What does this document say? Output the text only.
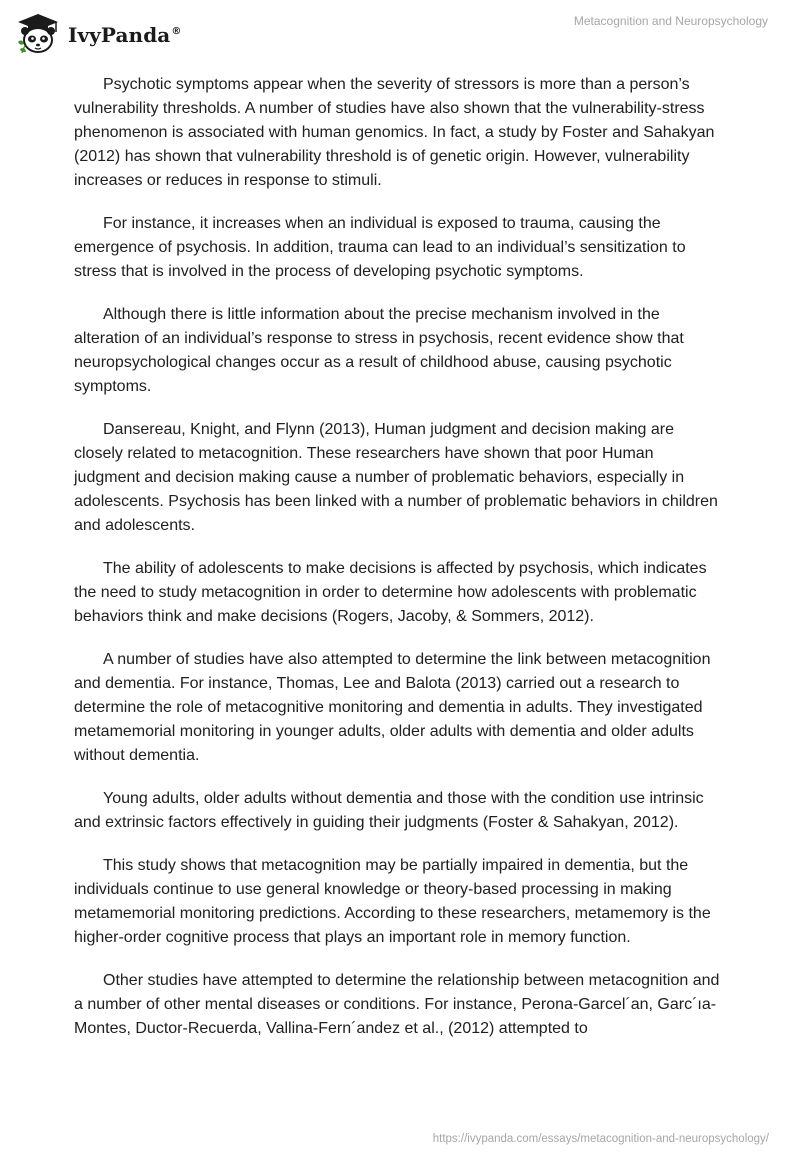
IvyPanda®
Metacognition and Neuropsychology

Psychotic symptoms appear when the severity of stressors is more than a person’s vulnerability thresholds. A number of studies have also shown that the vulnerability-stress phenomenon is associated with human genomics. In fact, a study by Foster and Sahakyan (2012) has shown that vulnerability threshold is of genetic origin. However, vulnerability increases or reduces in response to stimuli.

For instance, it increases when an individual is exposed to trauma, causing the emergence of psychosis. In addition, trauma can lead to an individual’s sensitization to stress that is involved in the process of developing psychotic symptoms.

Although there is little information about the precise mechanism involved in the alteration of an individual’s response to stress in psychosis, recent evidence show that neuropsychological changes occur as a result of childhood abuse, causing psychotic symptoms.

Dansereau, Knight, and Flynn (2013), Human judgment and decision making are closely related to metacognition. These researchers have shown that poor Human judgment and decision making cause a number of problematic behaviors, especially in adolescents. Psychosis has been linked with a number of problematic behaviors in children and adolescents.

The ability of adolescents to make decisions is affected by psychosis, which indicates the need to study metacognition in order to determine how adolescents with problematic behaviors think and make decisions (Rogers, Jacoby, & Sommers, 2012).

A number of studies have also attempted to determine the link between metacognition and dementia. For instance, Thomas, Lee and Balota (2013) carried out a research to determine the role of metacognitive monitoring and dementia in adults. They investigated metamemorial monitoring in younger adults, older adults with dementia and older adults without dementia.

Young adults, older adults without dementia and those with the condition use intrinsic and extrinsic factors effectively in guiding their judgments (Foster & Sahakyan, 2012).

This study shows that metacognition may be partially impaired in dementia, but the individuals continue to use general knowledge or theory-based processing in making metamemorial monitoring predictions. According to these researchers, metamemory is the higher-order cognitive process that plays an important role in memory function.

Other studies have attempted to determine the relationship between metacognition and a number of other mental diseases or conditions. For instance, Perona-Garcel´an, Garc´ıa-Montes, Ductor-Recuerda, Vallina-Fern´andez et al., (2012) attempted to

https://ivypanda.com/essays/metacognition-and-neuropsychology/
